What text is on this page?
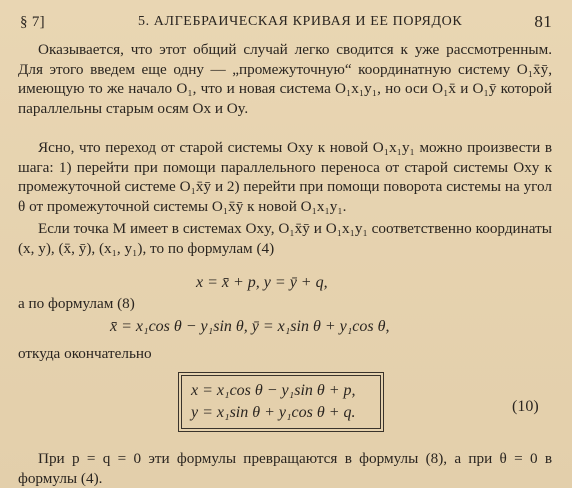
§ 7]	5. АЛГЕБРАИЧЕСКАЯ КРИВАЯ И ЕЕ ПОРЯДОК	81

Оказывается, что этот общий случай легко сводится к уже рассмотренным. Для этого введем еще одну — „промежуточную“ координатную систему O₁x̄ȳ, имеющую то же начало O₁, что и новая система O₁x₁y₁, но оси O₁x̄ и O₁ȳ которой параллельны старым осям Ox и Oy.

Ясно, что переход от старой системы Oxy к новой O₁x₁y₁ можно произвести в шага: 1) перейти при помощи параллельного переноса от старой системы Oxy к промежуточной системе O₁x̄ȳ и 2) перейти при помощи поворота системы на угол θ от промежуточной системы O₁x̄ȳ к новой O₁x₁y₁.

Если точка M имеет в системах Oxy, O₁x̄ȳ и O₁x₁y₁ соответственно координаты (x, y), (x̄, ȳ), (x₁, y₁), то по формулам (4)

x = x̄ + p, y = ȳ + q,

а по формулам (8)

x̄ = x₁cos θ − y₁sin θ, ȳ = x₁sin θ + y₁cos θ,

откуда окончательно

x = x₁cos θ − y₁sin θ + p,
y = x₁sin θ + y₁cos θ + q.	(10)

При p = q = 0 эти формулы превращаются в формулы (8), а при θ = 0 в формулы (4).
